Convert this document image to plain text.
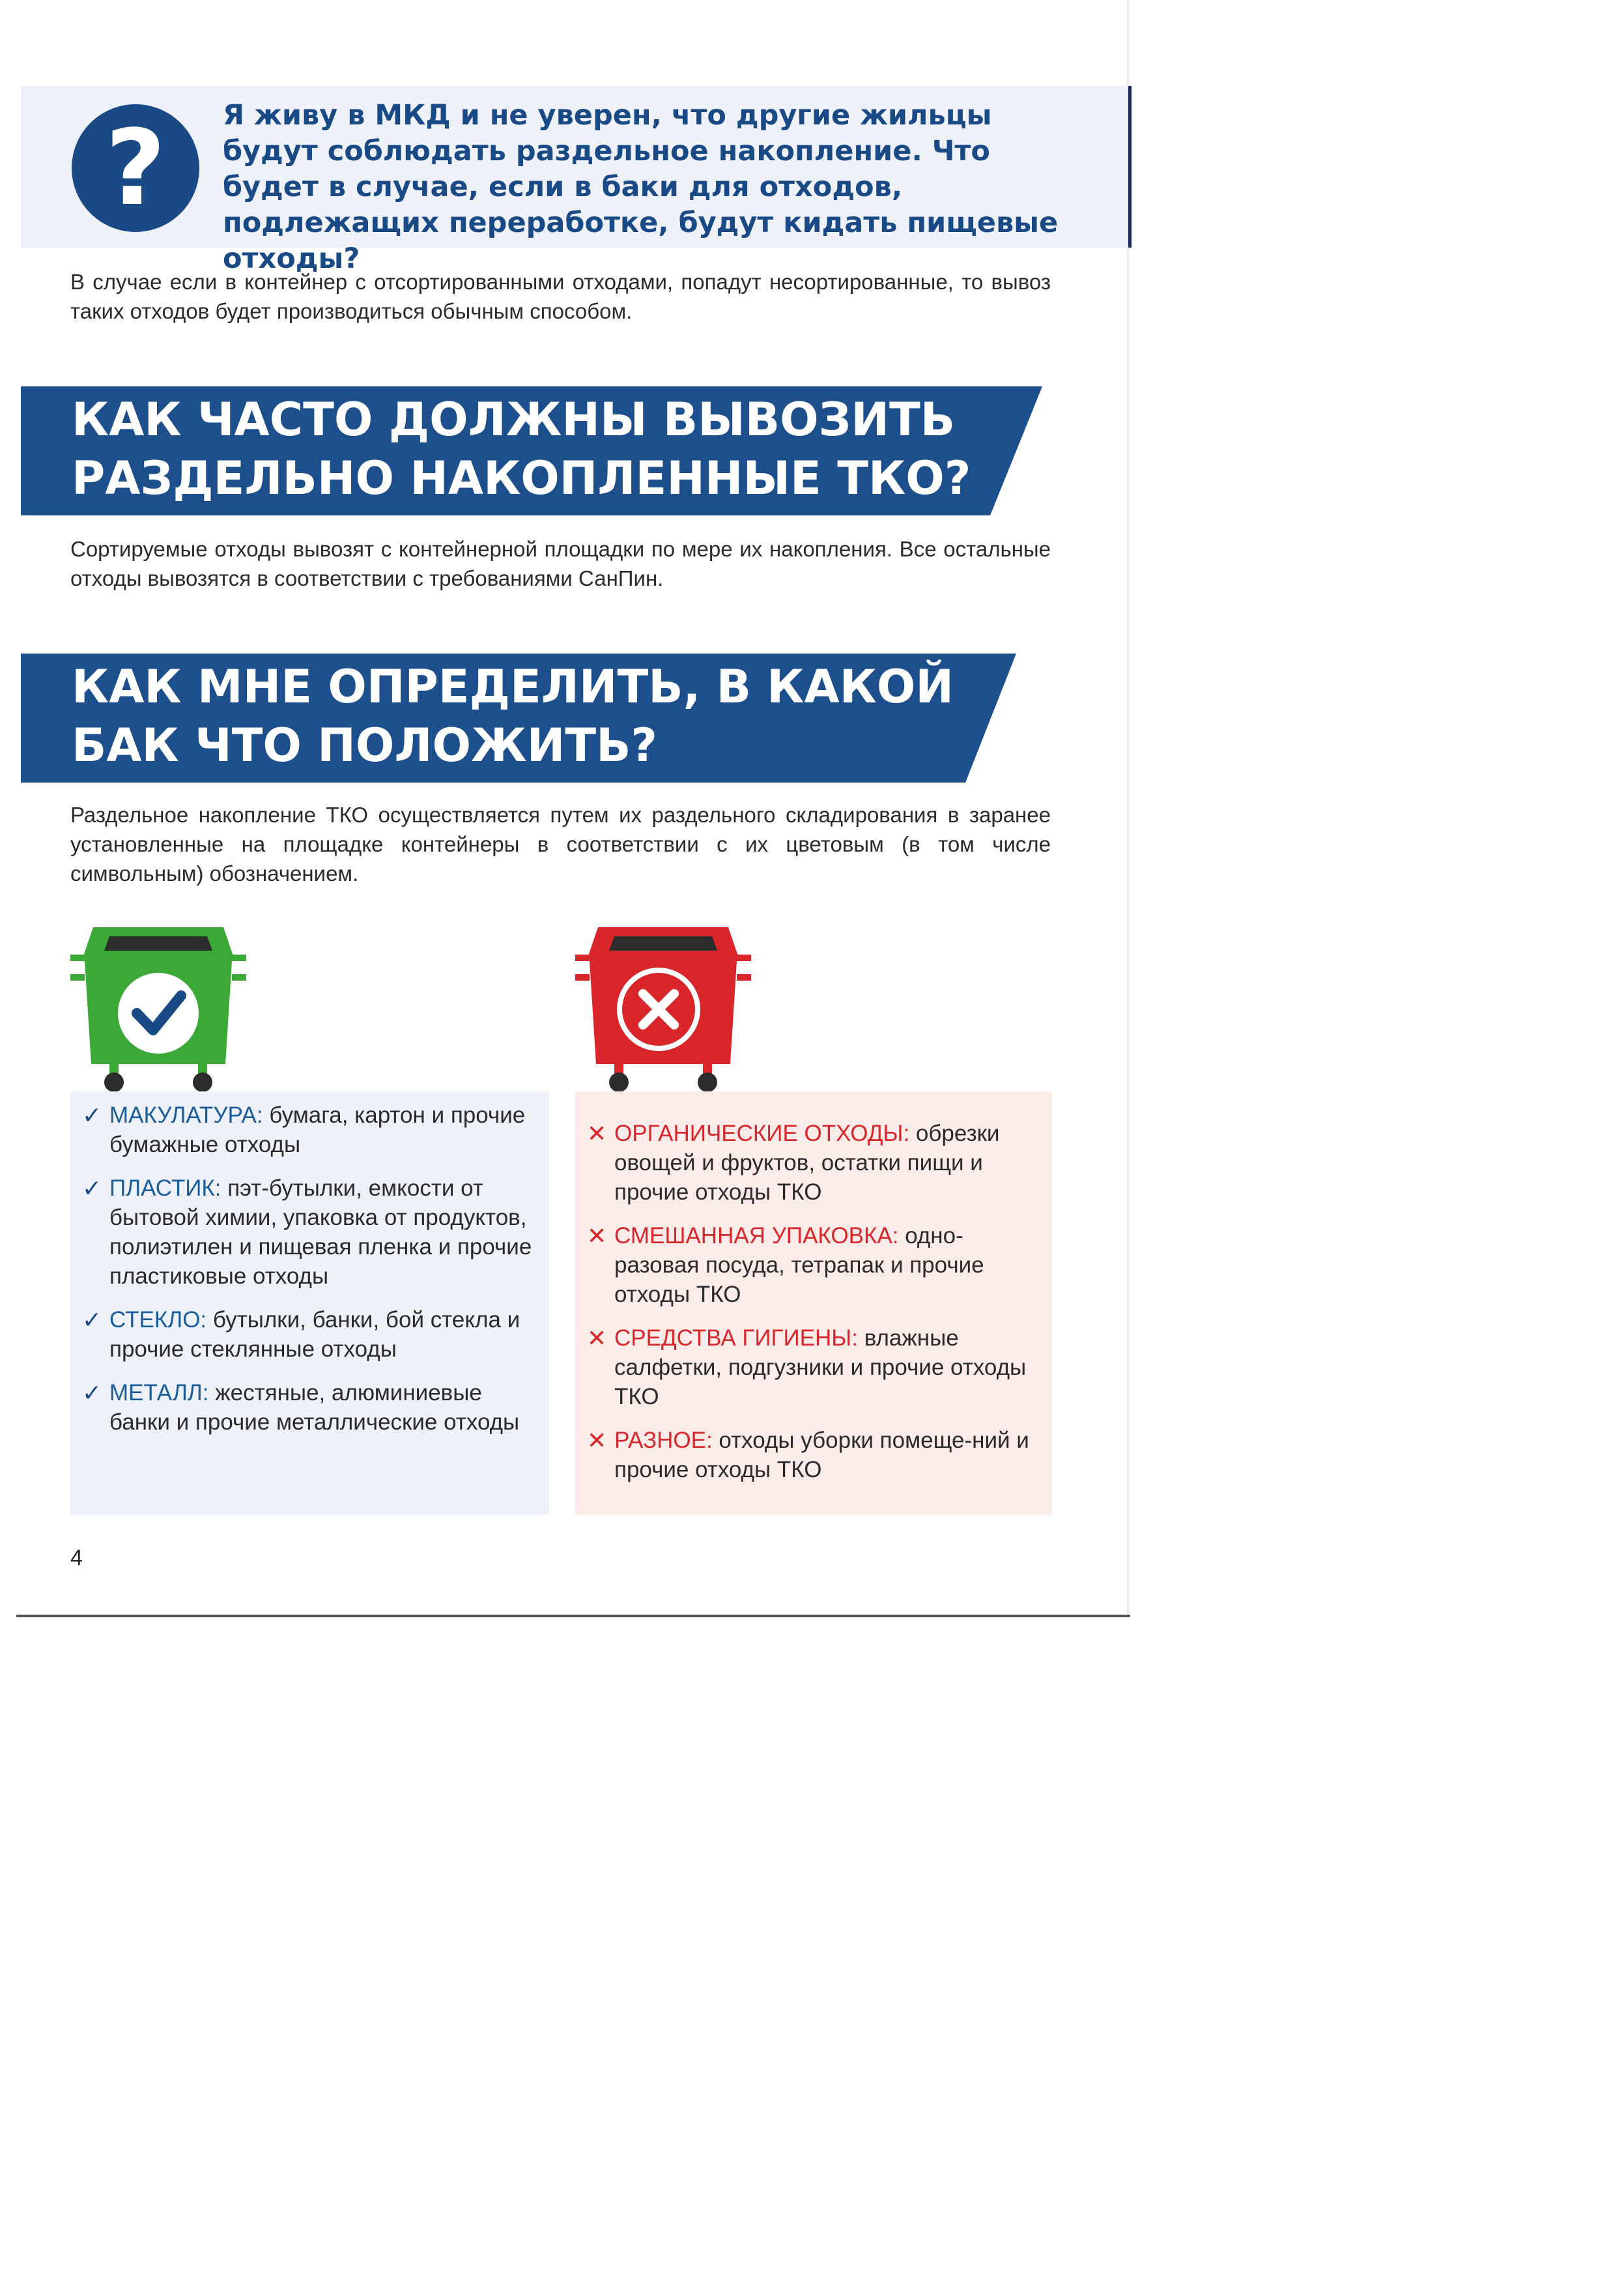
?	Я живу в МКД и не уверен, что другие жильцы будут соблюдать раздельное накопление. Что будет в случае, если в баки для отходов, подлежащих переработке, будут кидать пищевые отходы?

В случае если в контейнер с отсортированными отходами, попадут несортированные, то вывоз таких отходов будет производиться обычным способом.

КАК ЧАСТО ДОЛЖНЫ ВЫВОЗИТЬ РАЗДЕЛЬНО НАКОПЛЕННЫЕ ТКО?

Сортируемые отходы вывозят с контейнерной площадки по мере их накопления. Все остальные отходы вывозятся в соответствии с требованиями СанПин.

КАК МНЕ ОПРЕДЕЛИТЬ, В КАКОЙ БАК ЧТО ПОЛОЖИТЬ?

Раздельное накопление ТКО осуществляется путем их раздельного складирования в заранее установленные на площадке контейнеры в соответствии с их цветовым (в том числе символьным) обозначением.

✓ МАКУЛАТУРА: бумага, картон и прочие бумажные отходы
✓ ПЛАСТИК: пэт-бутылки, емкости от бытовой химии, упаковка от продуктов, полиэтилен и пищевая пленка и прочие пластиковые отходы
✓ СТЕКЛО: бутылки, банки, бой стекла и прочие стеклянные отходы
✓ МЕТАЛЛ: жестяные, алюминиевые банки и прочие металлические отходы
✕ ОРГАНИЧЕСКИЕ ОТХОДЫ: обрезки овощей и фруктов, остатки пищи и прочие отходы ТКО
✕ СМЕШАННАЯ УПАКОВКА: одно-разовая посуда, тетрапак и прочие отходы ТКО
✕ СРЕДСТВА ГИГИЕНЫ: влажные салфетки, подгузники и прочие отходы ТКО
✕ РАЗНОЕ: отходы уборки помеще-ний и прочие отходы ТКО
4
